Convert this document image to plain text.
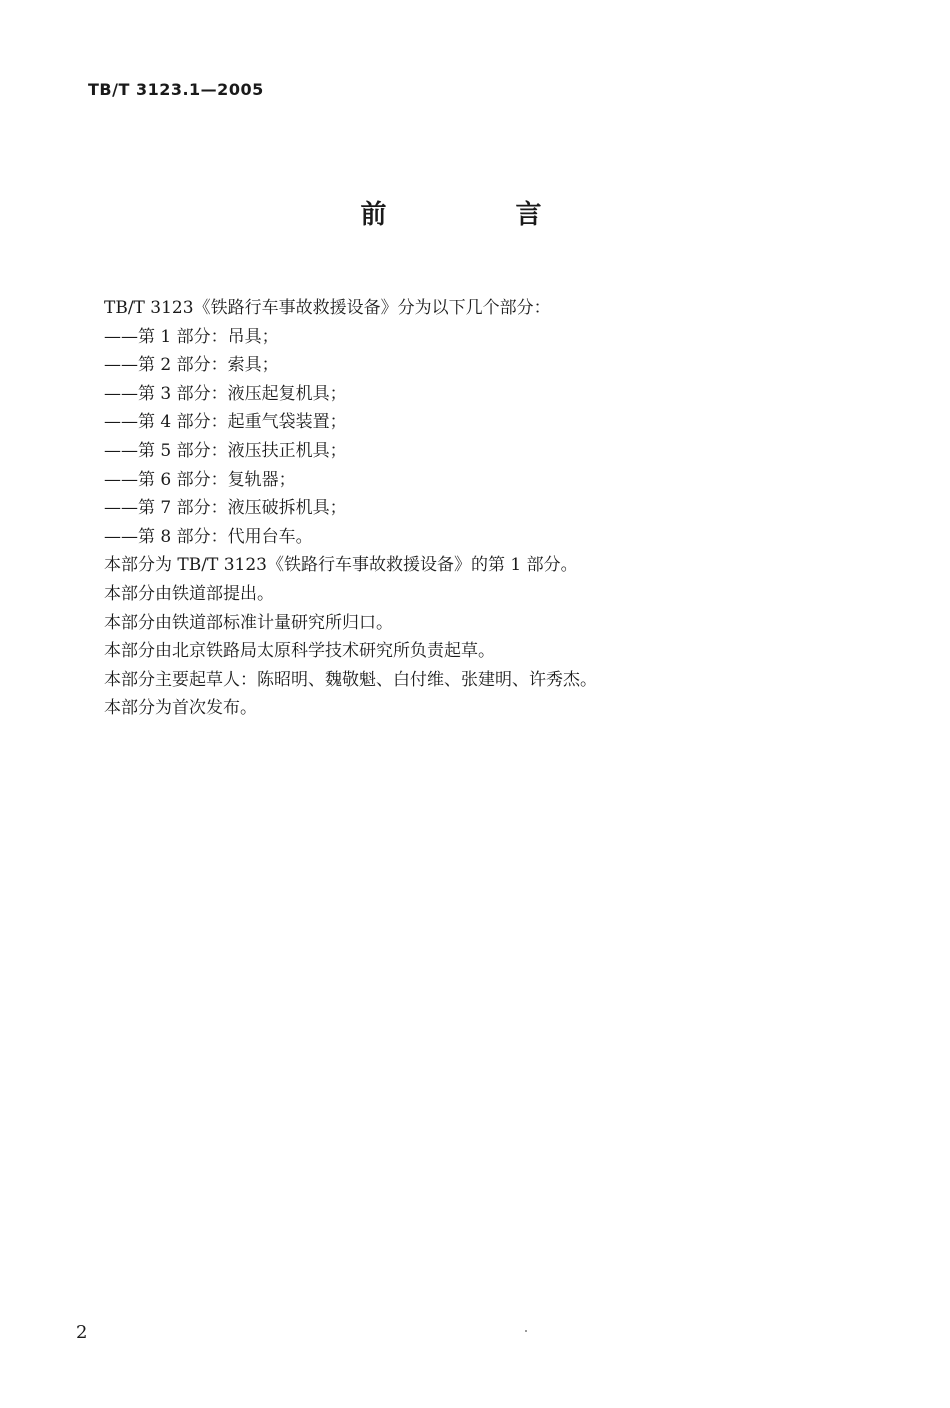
TB/T 3123.1—2005
前 言
TB/T 3123《铁路行车事故救援设备》分为以下几个部分：
——第 1 部分：吊具；
——第 2 部分：索具；
——第 3 部分：液压起复机具；
——第 4 部分：起重气袋装置；
——第 5 部分：液压扶正机具；
——第 6 部分：复轨器；
——第 7 部分：液压破拆机具；
——第 8 部分：代用台车。
本部分为 TB/T 3123《铁路行车事故救援设备》的第 1 部分。
本部分由铁道部提出。
本部分由铁道部标准计量研究所归口。
本部分由北京铁路局太原科学技术研究所负责起草。
本部分主要起草人：陈昭明、魏敬魁、白付维、张建明、许秀杰。
本部分为首次发布。
2
